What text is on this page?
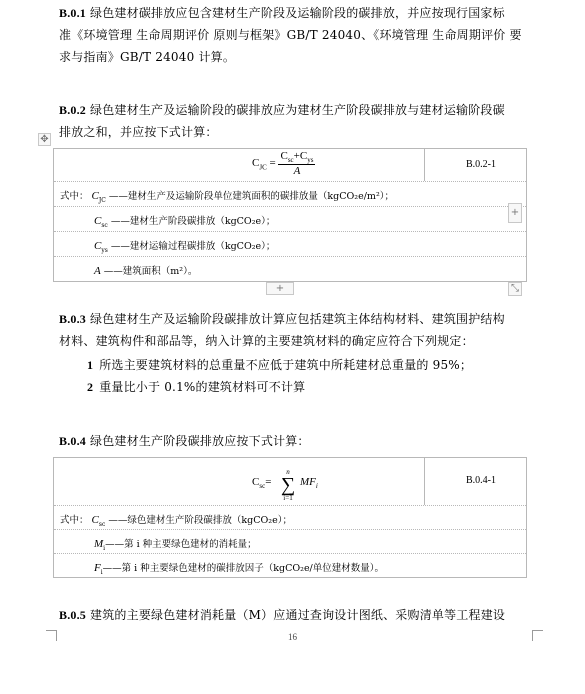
B.0.1 绿色建材碳排放应包含建材生产阶段及运输阶段的碳排放，并应按现行国家标
准《环境管理 生命周期评价 原则与框架》GB/T 24040、《环境管理 生命周期评价 要
求与指南》GB/T 24040 计算。
B.0.2 绿色建材生产及运输阶段的碳排放应为建材生产阶段碳排放与建材运输阶段碳
排放之和，并应按下式计算：
✥
$C_{JC} = \frac{C_{sc}+C_{ys}}{A}$	B.0.2-1
式中： $C_{JC}$ ——建材生产及运输阶段单位建筑面积的碳排放量（kgCO₂e/m²）；
$C_{sc}$ ——建材生产阶段碳排放（kgCO₂e）；
$C_{ys}$ ——建材运输过程碳排放（kgCO₂e）；
A ——建筑面积（m²）。
+
+	⤡
B.0.3 绿色建材生产及运输阶段碳排放计算应包括建筑主体结构材料、建筑围护结构
材料、建筑构件和部品等，纳入计算的主要建筑材料的确定应符合下列规定：
1 所选主要建筑材料的总重量不应低于建筑中所耗建材总重量的 95%；
2 重量比小于 0.1%的建筑材料可不计算
B.0.4 绿色建材生产阶段碳排放应按下式计算：
$C_{sc}=$
n
∑
i=1
$MF_i$
B.0.4-1
式中： $C_{sc}$ ——绿色建材生产阶段碳排放（kgCO₂e）；
$M_i——$第 i 种主要绿色建材的消耗量；
$F_i——$第 i 种主要绿色建材的碳排放因子（kgCO₂e/单位建材数量）。
B.0.5 建筑的主要绿色建材消耗量（M）应通过查询设计图纸、采购清单等工程建设
16
